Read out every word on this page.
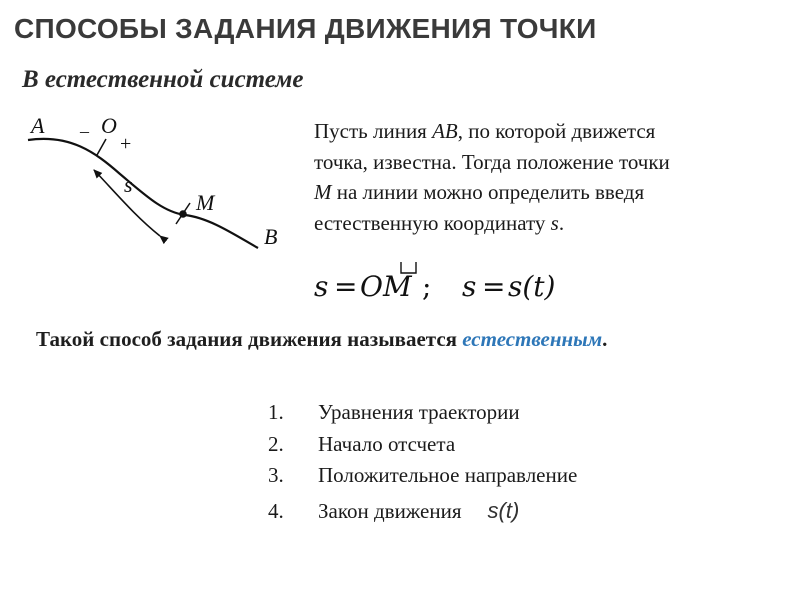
СПОСОБЫ ЗАДАНИЯ ДВИЖЕНИЯ ТОЧКИ
В естественной системе
A – O
+
s
M
B

Пусть линия AB, по которой движется

точка, известна. Тогда положение точки

M на линии можно определить введя

естественную координату s.

s = OM ; s = s(t)
Такой способ задания движения называется естественным.
1. Уравнения траектории
2. Начало отсчета
3. Положительное направление
4. Закон движения s(t)
